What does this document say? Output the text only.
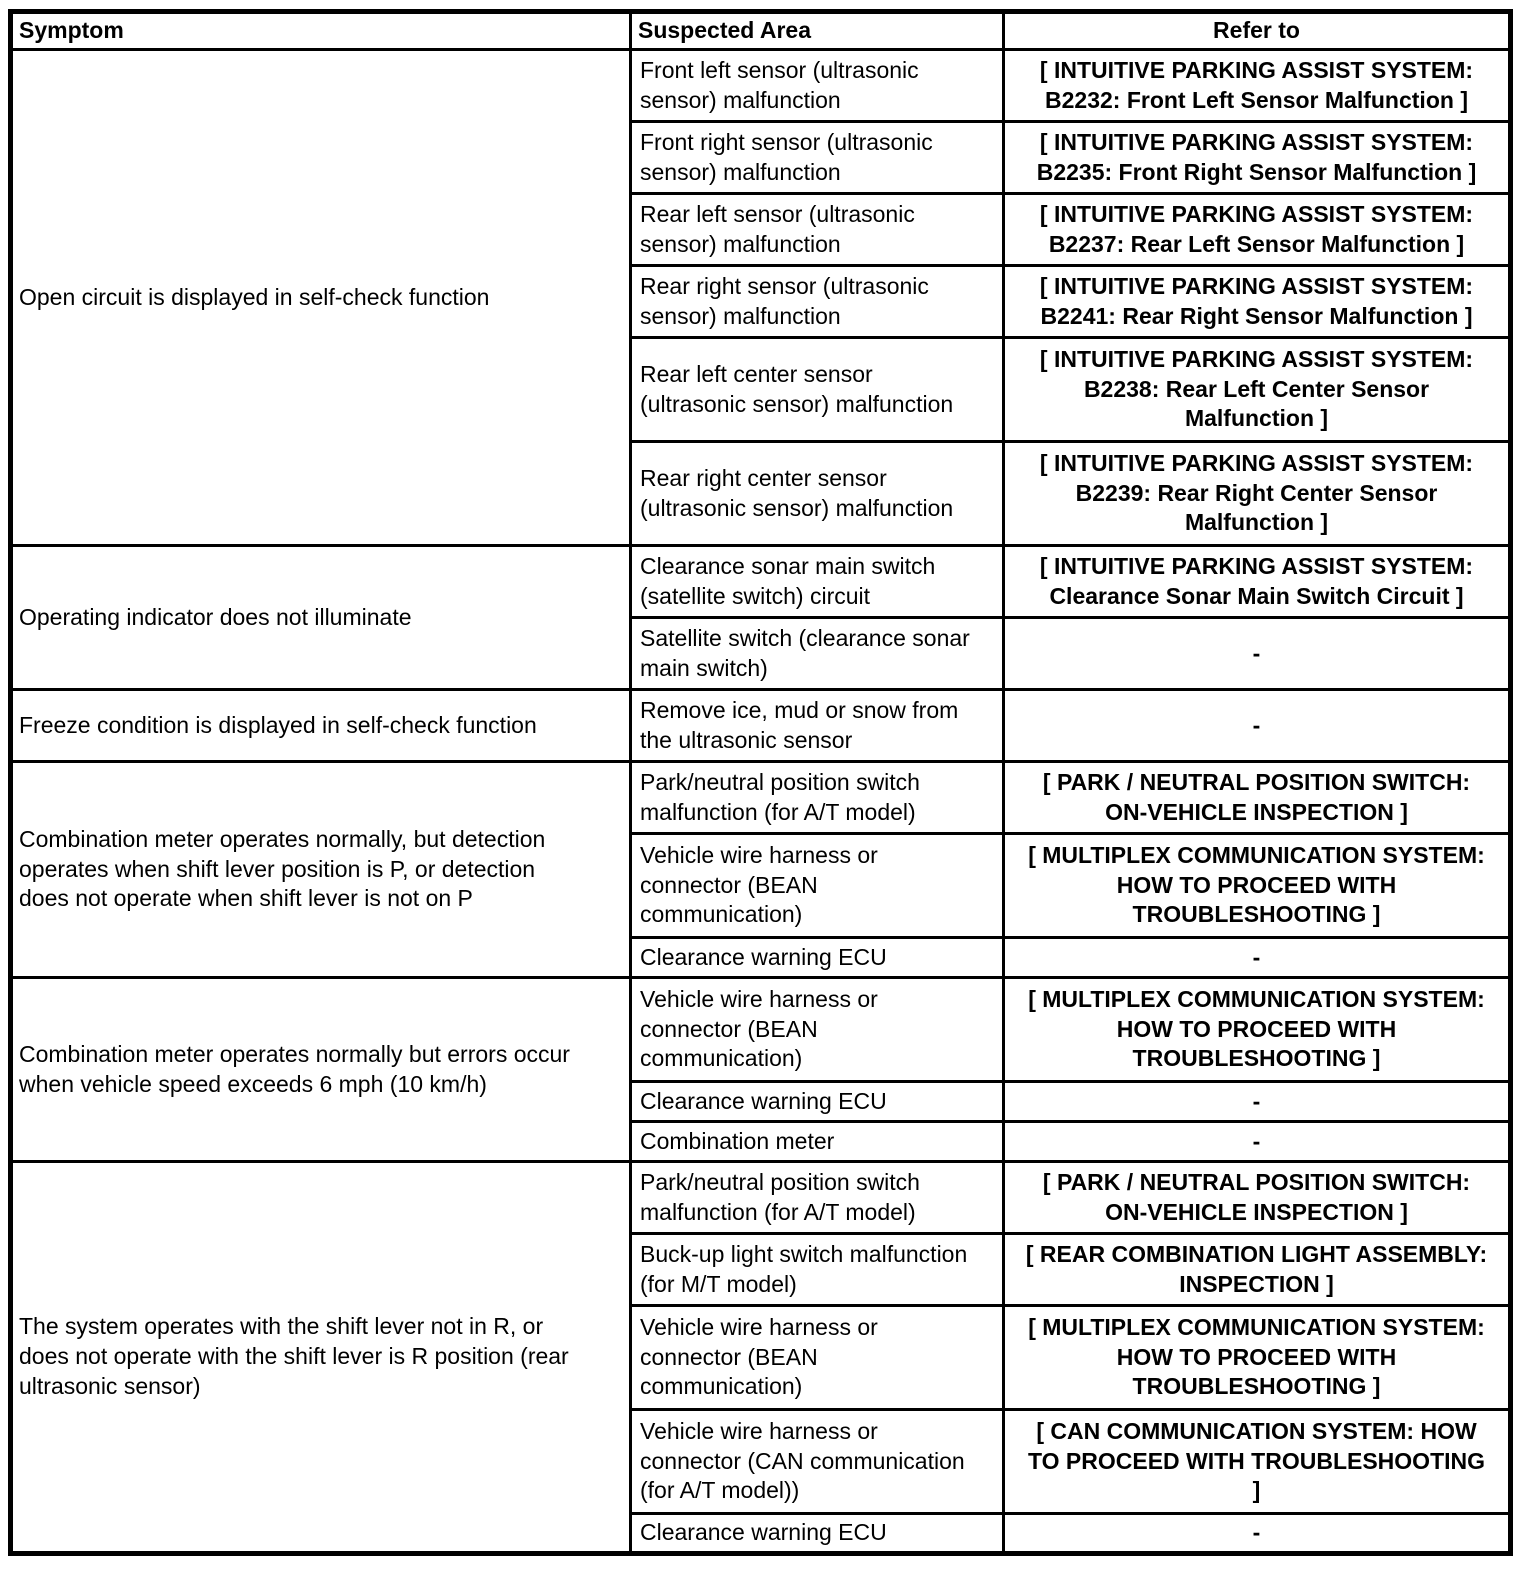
Symptom	Suspected Area	Refer to
Open circuit is displayed in self-check function	Front left sensor (ultrasonic sensor) malfunction	[ INTUITIVE PARKING ASSIST SYSTEM: B2232: Front Left Sensor Malfunction ]
	Front right sensor (ultrasonic sensor) malfunction	[ INTUITIVE PARKING ASSIST SYSTEM: B2235: Front Right Sensor Malfunction ]
	Rear left sensor (ultrasonic sensor) malfunction	[ INTUITIVE PARKING ASSIST SYSTEM: B2237: Rear Left Sensor Malfunction ]
	Rear right sensor (ultrasonic sensor) malfunction	[ INTUITIVE PARKING ASSIST SYSTEM: B2241: Rear Right Sensor Malfunction ]
	Rear left center sensor (ultrasonic sensor) malfunction	[ INTUITIVE PARKING ASSIST SYSTEM: B2238: Rear Left Center Sensor Malfunction ]
	Rear right center sensor (ultrasonic sensor) malfunction	[ INTUITIVE PARKING ASSIST SYSTEM: B2239: Rear Right Center Sensor Malfunction ]
Operating indicator does not illuminate	Clearance sonar main switch (satellite switch) circuit	[ INTUITIVE PARKING ASSIST SYSTEM: Clearance Sonar Main Switch Circuit ]
	Satellite switch (clearance sonar main switch)	-
Freeze condition is displayed in self-check function	Remove ice, mud or snow from the ultrasonic sensor	-
Combination meter operates normally, but detection operates when shift lever position is P, or detection does not operate when shift lever is not on P	Park/neutral position switch malfunction (for A/T model)	[ PARK / NEUTRAL POSITION SWITCH: ON-VEHICLE INSPECTION ]
	Vehicle wire harness or connector (BEAN communication)	[ MULTIPLEX COMMUNICATION SYSTEM: HOW TO PROCEED WITH TROUBLESHOOTING ]
	Clearance warning ECU	-
Combination meter operates normally but errors occur when vehicle speed exceeds 6 mph (10 km/h)	Vehicle wire harness or connector (BEAN communication)	[ MULTIPLEX COMMUNICATION SYSTEM: HOW TO PROCEED WITH TROUBLESHOOTING ]
	Clearance warning ECU	-
	Combination meter	-
The system operates with the shift lever not in R, or does not operate with the shift lever is R position (rear ultrasonic sensor)	Park/neutral position switch malfunction (for A/T model)	[ PARK / NEUTRAL POSITION SWITCH: ON-VEHICLE INSPECTION ]
	Buck-up light switch malfunction (for M/T model)	[ REAR COMBINATION LIGHT ASSEMBLY: INSPECTION ]
	Vehicle wire harness or connector (BEAN communication)	[ MULTIPLEX COMMUNICATION SYSTEM: HOW TO PROCEED WITH TROUBLESHOOTING ]
	Vehicle wire harness or connector (CAN communication (for A/T model))	[ CAN COMMUNICATION SYSTEM: HOW TO PROCEED WITH TROUBLESHOOTING ]
	Clearance warning ECU	-
